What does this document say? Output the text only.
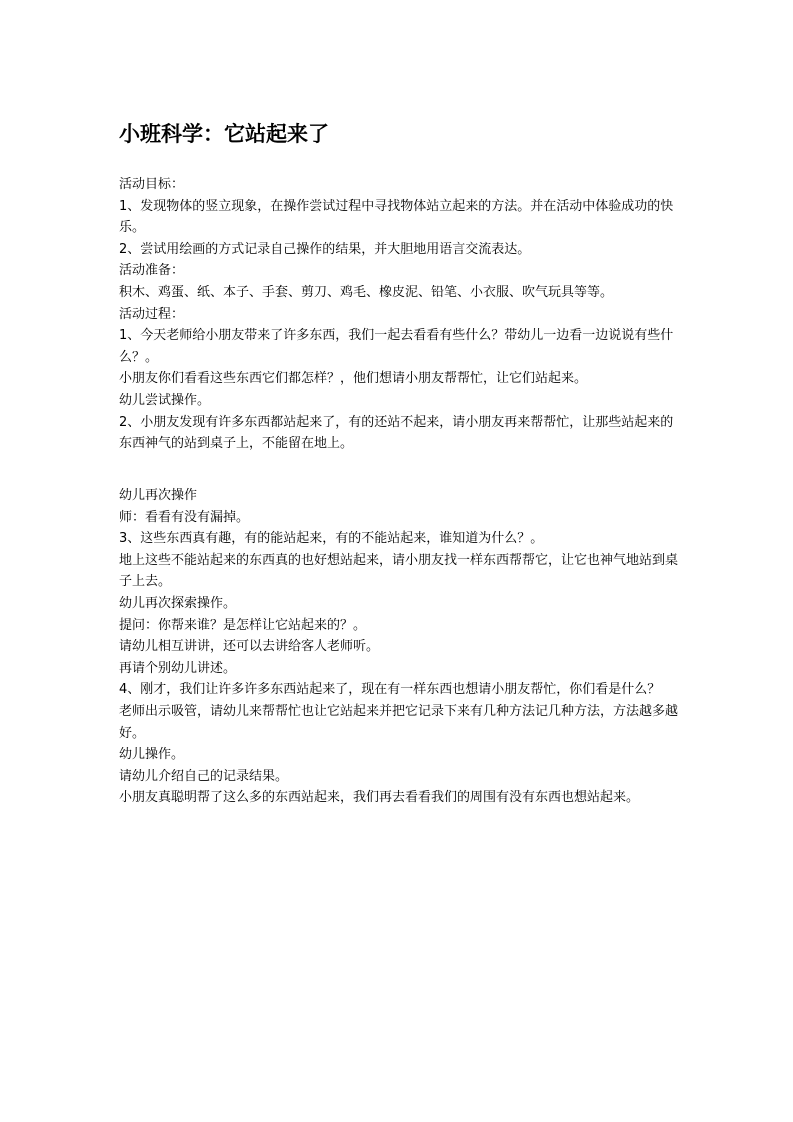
小班科学：它站起来了

活动目标：

1、发现物体的竖立现象，在操作尝试过程中寻找物体站立起来的方法。并在活动中体验成功的快乐。

2、尝试用绘画的方式记录自己操作的结果，并大胆地用语言交流表达。

活动准备：

积木、鸡蛋、纸、本子、手套、剪刀、鸡毛、橡皮泥、铅笔、小衣服、吹气玩具等等。

活动过程：

1、今天老师给小朋友带来了许多东西，我们一起去看看有些什么？带幼儿一边看一边说说有些什么？。

小朋友你们看看这些东西它们都怎样？，他们想请小朋友帮帮忙，让它们站起来。

幼儿尝试操作。

2、小朋友发现有许多东西都站起来了，有的还站不起来，请小朋友再来帮帮忙，让那些站起来的东西神气的站到桌子上，不能留在地上。

幼儿再次操作

师：看看有没有漏掉。

3、这些东西真有趣，有的能站起来，有的不能站起来，谁知道为什么？。

地上这些不能站起来的东西真的也好想站起来，请小朋友找一样东西帮帮它，让它也神气地站到桌子上去。

幼儿再次探索操作。

提问：你帮来谁？是怎样让它站起来的？。

请幼儿相互讲讲，还可以去讲给客人老师听。

再请个别幼儿讲述。

4、刚才，我们让许多许多东西站起来了，现在有一样东西也想请小朋友帮忙，你们看是什么？

老师出示吸管，请幼儿来帮帮忙也让它站起来并把它记录下来有几种方法记几种方法，方法越多越好。

幼儿操作。

请幼儿介绍自己的记录结果。

小朋友真聪明帮了这么多的东西站起来，我们再去看看我们的周围有没有东西也想站起来。
